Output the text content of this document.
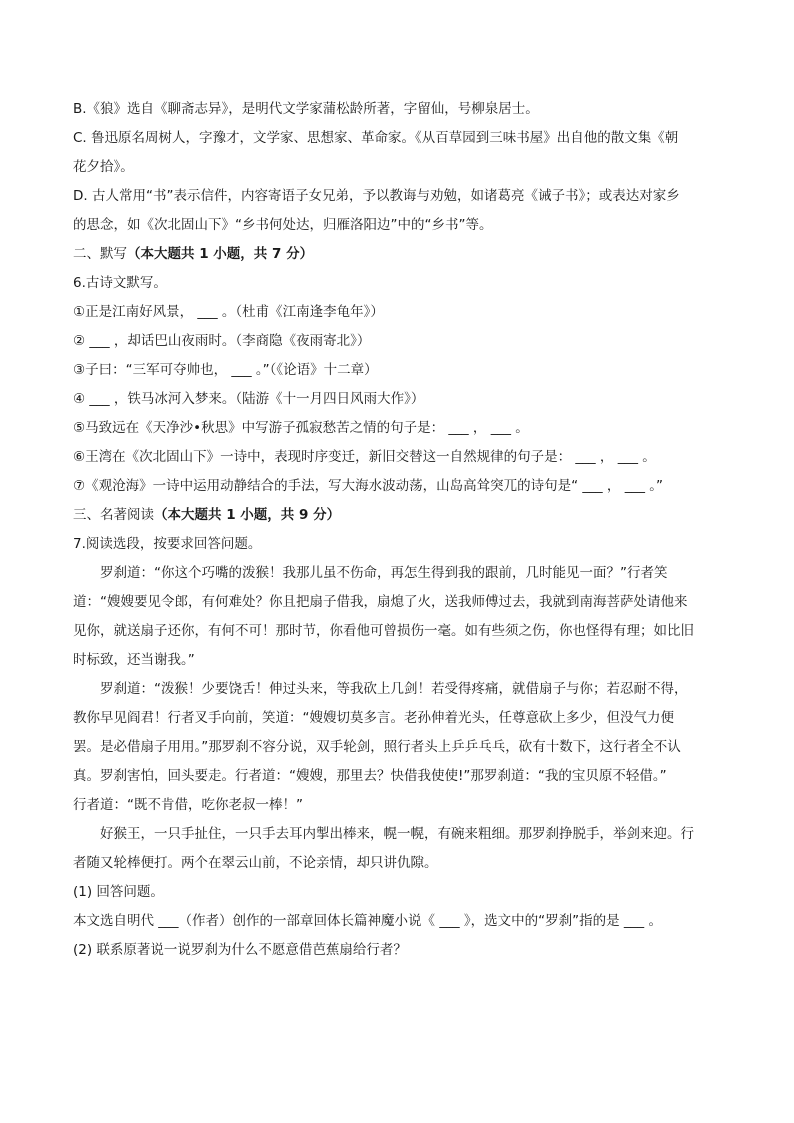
B.《狼》选自《聊斋志异》，是明代文学家蒲松龄所著，字留仙，号柳泉居士。
C. 鲁迅原名周树人，字豫才，文学家、思想家、革命家。《从百草园到三味书屋》出自他的散文集《朝
花夕拾》。
D. 古人常用“书”表示信件，内容寄语子女兄弟，予以教诲与劝勉，如诸葛亮《诫子书》；或表达对家乡
的思念，如《次北固山下》“乡书何处达，归雁洛阳边”中的“乡书”等。
二、默写（本大题共 1 小题，共 7 分）
6.古诗文默写。
①正是江南好风景， ___ 。（杜甫《江南逢李龟年》）
② ___ ，却话巴山夜雨时。（李商隐《夜雨寄北》）
③子曰：“三军可夺帅也， ___ 。”（《论语》十二章）
④ ___ ，铁马冰河入梦来。（陆游《十一月四日风雨大作》）
⑤马致远在《天净沙•秋思》中写游子孤寂愁苦之情的句子是： ___ ， ___ 。
⑥王湾在《次北固山下》一诗中，表现时序变迁，新旧交替这一自然规律的句子是： ___ ， ___ 。
⑦《观沧海》一诗中运用动静结合的手法，写大海水波动荡，山岛高耸突兀的诗句是“ ___ ， ___ 。”
三、名著阅读（本大题共 1 小题，共 9 分）
7.阅读选段，按要求回答问题。
罗刹道：“你这个巧嘴的泼猴！我那儿虽不伤命，再怎生得到我的跟前，几时能见一面？”行者笑
道：“嫂嫂要见令郎，有何难处？你且把扇子借我，扇熄了火，送我师傅过去，我就到南海菩萨处请他来
见你，就送扇子还你，有何不可！那时节，你看他可曾损伤一毫。如有些须之伤，你也怪得有理；如比旧
时标致，还当谢我。”
罗刹道：“泼猴！少要饶舌！伸过头来，等我砍上几剑！若受得疼痛，就借扇子与你；若忍耐不得，
教你早见阎君！行者叉手向前，笑道：“嫂嫂切莫多言。老孙伸着光头，任尊意砍上多少，但没气力便
罢。是必借扇子用用。”那罗刹不容分说，双手轮剑，照行者头上乒乒乓乓，砍有十数下，这行者全不认
真。罗刹害怕，回头要走。行者道：“嫂嫂，那里去？快借我使使!”那罗刹道：“我的宝贝原不轻借。”
行者道：“既不肯借，吃你老叔一棒！”
好猴王，一只手扯住，一只手去耳内掣出棒来，幌一幌，有碗来粗细。那罗刹挣脱手，举剑来迎。行
者随又轮棒便打。两个在翠云山前，不论亲情，却只讲仇隙。
(1) 回答问题。
本文选自明代 ___（作者）创作的一部章回体长篇神魔小说《 ___ 》，选文中的“罗刹”指的是 ___ 。
(2) 联系原著说一说罗刹为什么不愿意借芭蕉扇给行者？
